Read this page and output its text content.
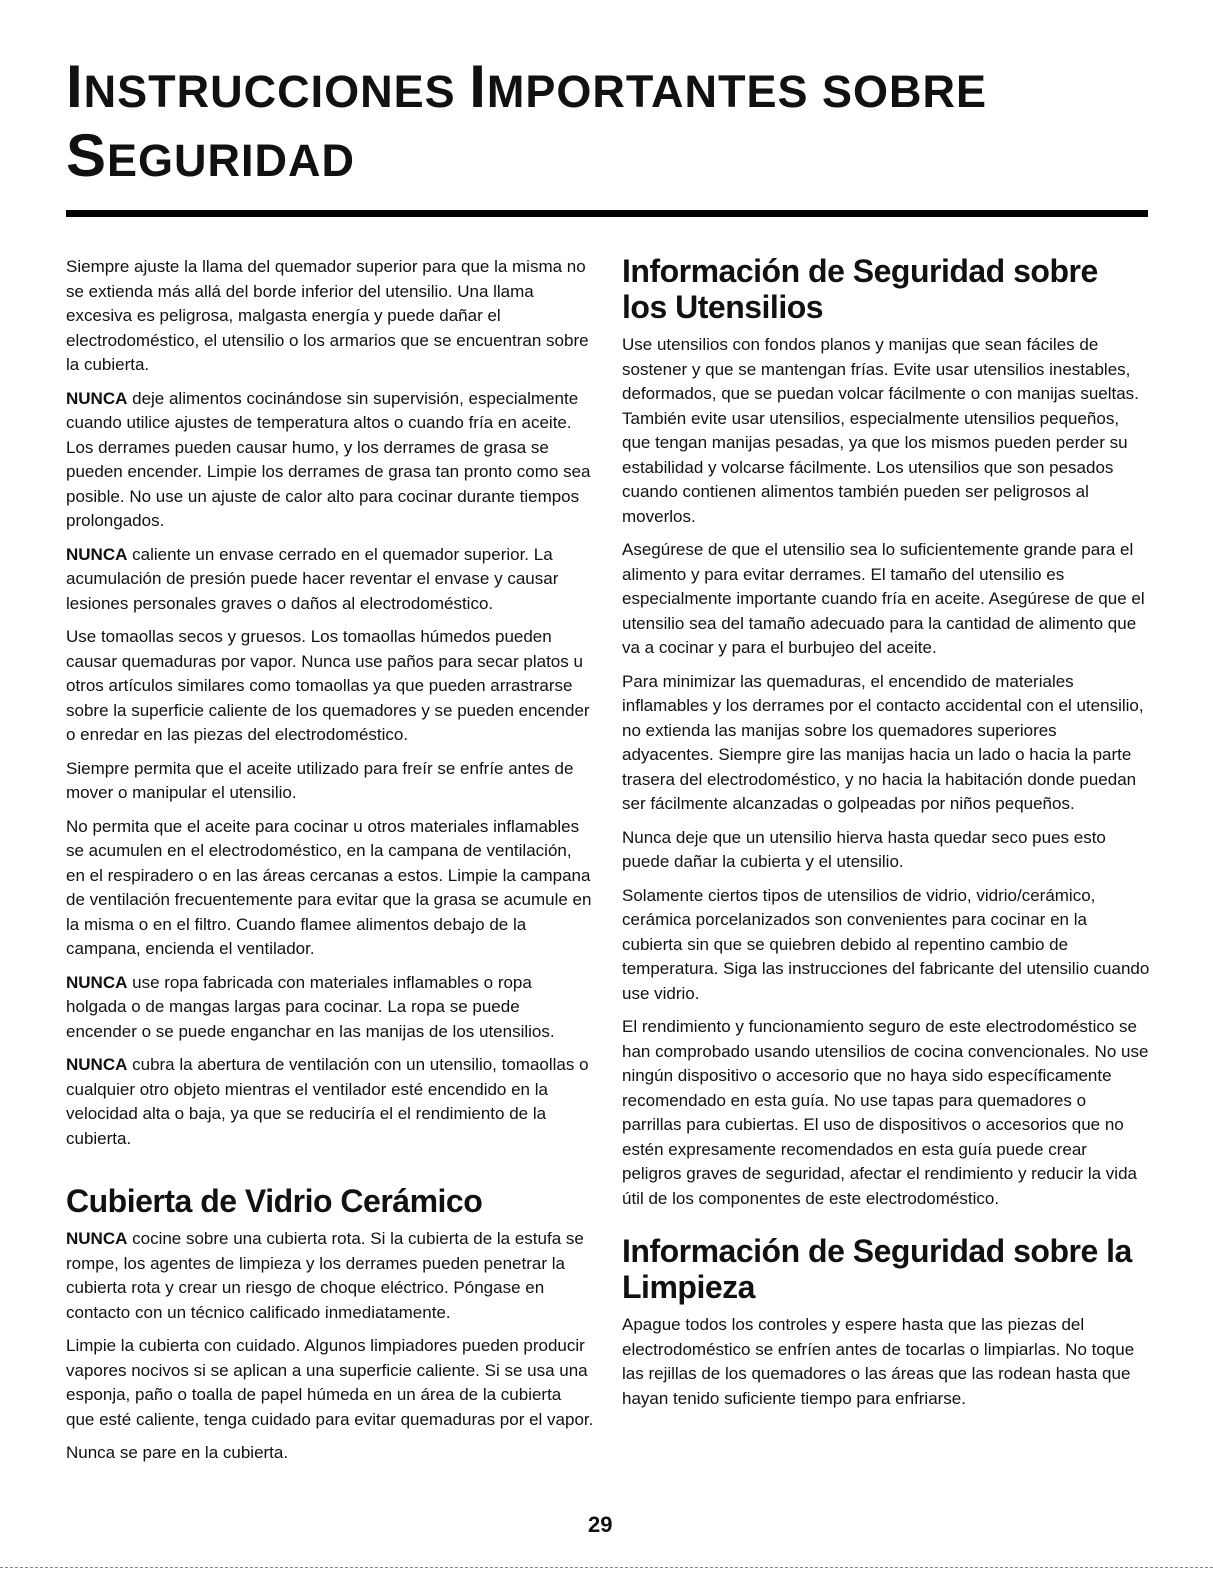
INSTRUCCIONES IMPORTANTES SOBRE
SEGURIDAD

Siempre ajuste la llama del quemador superior para que la misma no se extienda más allá del borde inferior del utensilio. Una llama excesiva es peligrosa, malgasta energía y puede dañar el electrodoméstico, el utensilio o los armarios que se encuentran sobre la cubierta.

NUNCA deje alimentos cocinándose sin supervisión, especialmente cuando utilice ajustes de temperatura altos o cuando fría en aceite. Los derrames pueden causar humo, y los derrames de grasa se pueden encender. Limpie los derrames de grasa tan pronto como sea posible. No use un ajuste de calor alto para cocinar durante tiempos prolongados.

NUNCA caliente un envase cerrado en el quemador superior. La acumulación de presión puede hacer reventar el envase y causar lesiones personales graves o daños al electrodoméstico.

Use tomaollas secos y gruesos. Los tomaollas húmedos pueden causar quemaduras por vapor. Nunca use paños para secar platos u otros artículos similares como tomaollas ya que pueden arrastrarse sobre la superficie caliente de los quemadores y se pueden encender o enredar en las piezas del electrodoméstico.

Siempre permita que el aceite utilizado para freír se enfríe antes de mover o manipular el utensilio.

No permita que el aceite para cocinar u otros materiales inflamables se acumulen en el electrodoméstico, en la campana de ventilación, en el respiradero o en las áreas cercanas a estos. Limpie la campana de ventilación frecuentemente para evitar que la grasa se acumule en la misma o en el filtro. Cuando flamee alimentos debajo de la campana, encienda el ventilador.

NUNCA use ropa fabricada con materiales inflamables o ropa holgada o de mangas largas para cocinar. La ropa se puede encender o se puede enganchar en las manijas de los utensilios.

NUNCA cubra la abertura de ventilación con un utensilio, tomaollas o cualquier otro objeto mientras el ventilador esté encendido en la velocidad alta o baja, ya que se reduciría el el rendimiento de la cubierta.

Cubierta de Vidrio Cerámico

NUNCA cocine sobre una cubierta rota. Si la cubierta de la estufa se rompe, los agentes de limpieza y los derrames pueden penetrar la cubierta rota y crear un riesgo de choque eléctrico. Póngase en contacto con un técnico calificado inmediatamente.

Limpie la cubierta con cuidado. Algunos limpiadores pueden producir vapores nocivos si se aplican a una superficie caliente. Si se usa una esponja, paño o toalla de papel húmeda en un área de la cubierta que esté caliente, tenga cuidado para evitar quemaduras por el vapor.

Nunca se pare en la cubierta.

Información de Seguridad sobre los Utensilios

Use utensilios con fondos planos y manijas que sean fáciles de sostener y que se mantengan frías. Evite usar utensilios inestables, deformados, que se puedan volcar fácilmente o con manijas sueltas. También evite usar utensilios, especialmente utensilios pequeños, que tengan manijas pesadas, ya que los mismos pueden perder su estabilidad y volcarse fácilmente. Los utensilios que son pesados cuando contienen alimentos también pueden ser peligrosos al moverlos.

Asegúrese de que el utensilio sea lo suficientemente grande para el alimento y para evitar derrames. El tamaño del utensilio es especialmente importante cuando fría en aceite. Asegúrese de que el utensilio sea del tamaño adecuado para la cantidad de alimento que va a cocinar y para el burbujeo del aceite.

Para minimizar las quemaduras, el encendido de materiales inflamables y los derrames por el contacto accidental con el utensilio, no extienda las manijas sobre los quemadores superiores adyacentes. Siempre gire las manijas hacia un lado o hacia la parte trasera del electrodoméstico, y no hacia la habitación donde puedan ser fácilmente alcanzadas o golpeadas por niños pequeños.

Nunca deje que un utensilio hierva hasta quedar seco pues esto puede dañar la cubierta y el utensilio.

Solamente ciertos tipos de utensilios de vidrio, vidrio/cerámico, cerámica porcelanizados son convenientes para cocinar en la cubierta sin que se quiebren debido al repentino cambio de temperatura. Siga las instrucciones del fabricante del utensilio cuando use vidrio.

El rendimiento y funcionamiento seguro de este electrodoméstico se han comprobado usando utensilios de cocina convencionales. No use ningún dispositivo o accesorio que no haya sido específicamente recomendado en esta guía. No use tapas para quemadores o parrillas para cubiertas. El uso de dispositivos o accesorios que no estén expresamente recomendados en esta guía puede crear peligros graves de seguridad, afectar el rendimiento y reducir la vida útil de los componentes de este electrodoméstico.

Información de Seguridad sobre la Limpieza

Apague todos los controles y espere hasta que las piezas del electrodoméstico se enfríen antes de tocarlas o limpiarlas. No toque las rejillas de los quemadores o las áreas que las rodean hasta que hayan tenido suficiente tiempo para enfriarse.

29
